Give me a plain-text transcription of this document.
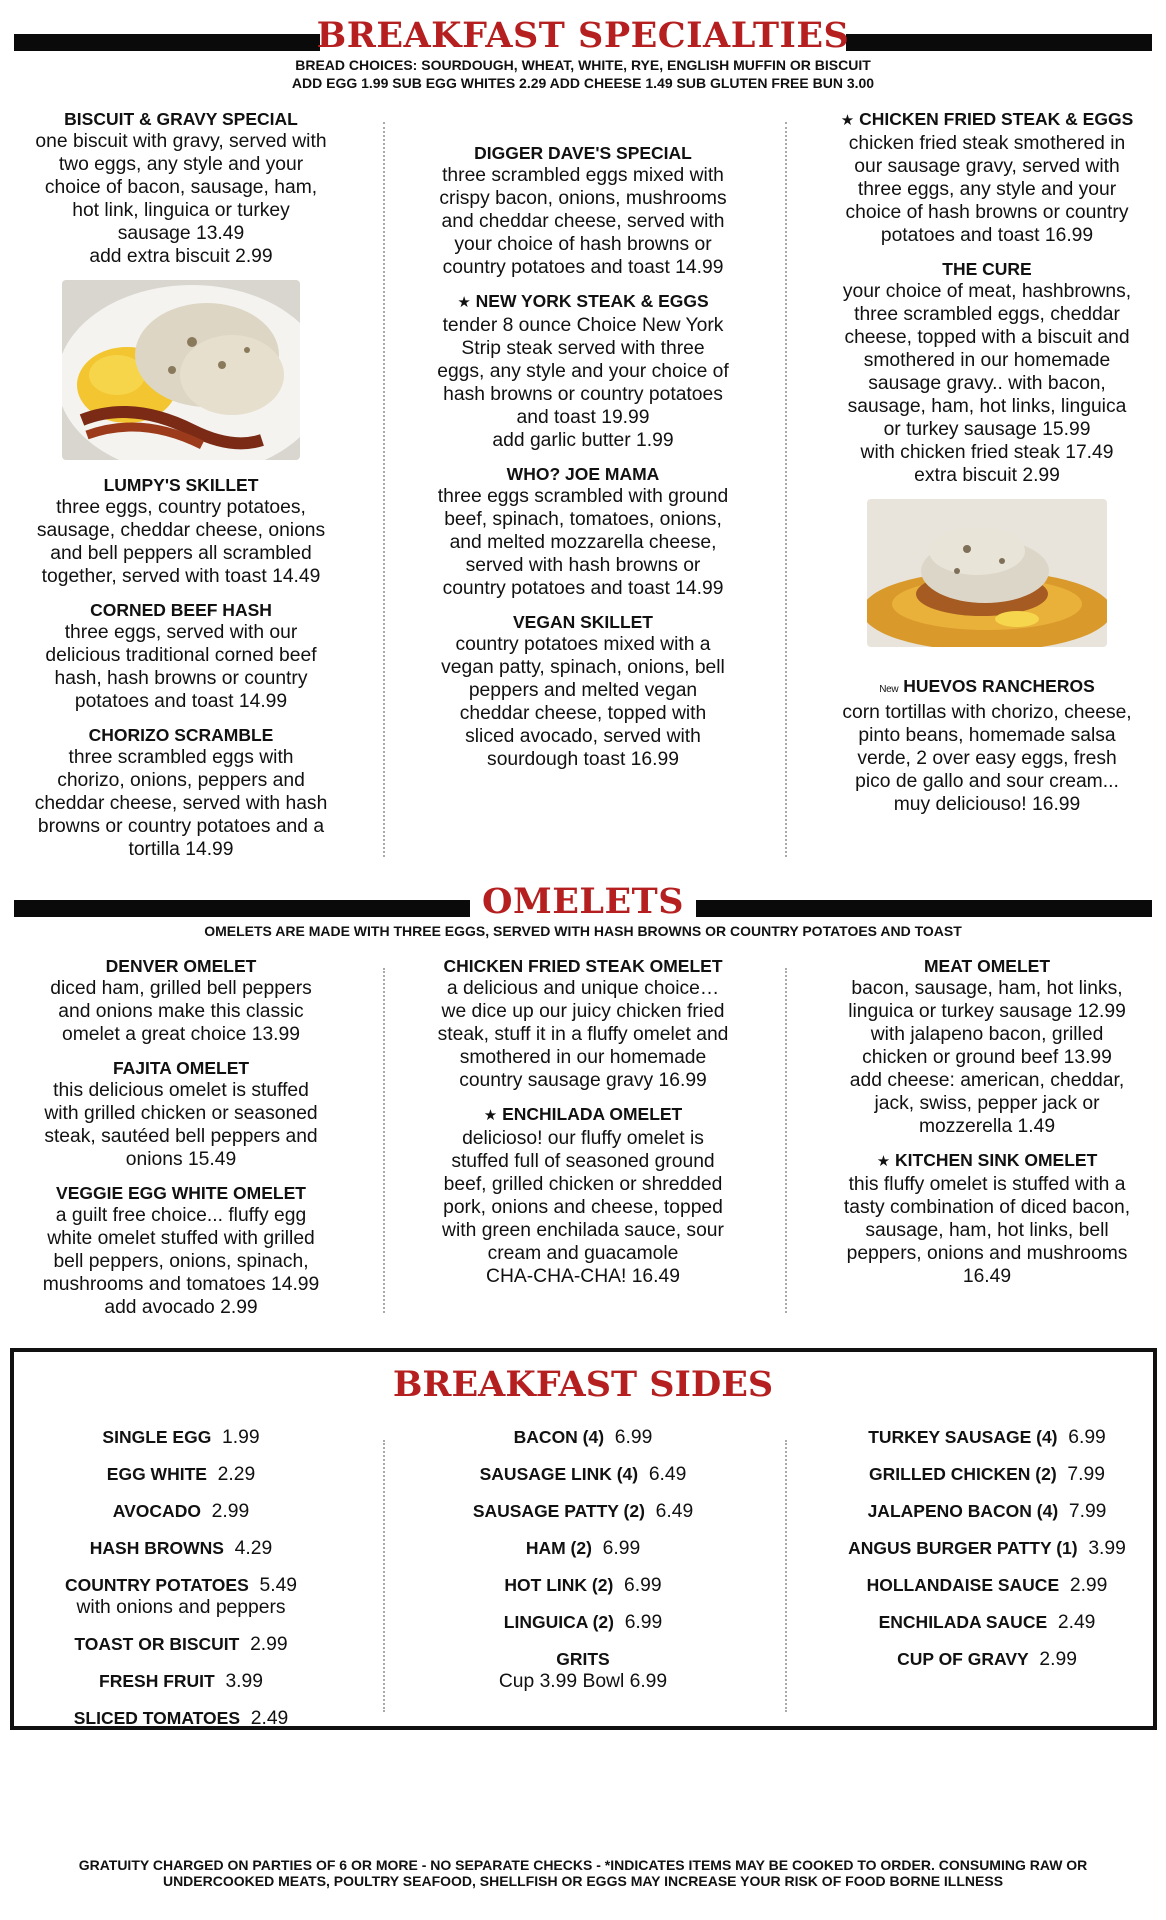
BREAKFAST SPECIALTIES
BREAD CHOICES: SOURDOUGH, WHEAT, WHITE, RYE, ENGLISH MUFFIN OR BISCUIT
ADD EGG 1.99 SUB EGG WHITES 2.29 ADD CHEESE 1.49 SUB GLUTEN FREE BUN 3.00
BISCUIT & GRAVY SPECIAL
one biscuit with gravy, served with
two eggs, any style and your
choice of bacon, sausage, ham,
hot link, linguica or turkey
sausage 13.49
add extra biscuit 2.99
LUMPY'S SKILLET
three eggs, country potatoes,
sausage, cheddar cheese, onions
and bell peppers all scrambled
together, served with toast 14.49
CORNED BEEF HASH
three eggs, served with our
delicious traditional corned beef
hash, hash browns or country
potatoes and toast 14.99
CHORIZO SCRAMBLE
three scrambled eggs with
chorizo, onions, peppers and
cheddar cheese, served with hash
browns or country potatoes and a
tortilla 14.99
DIGGER DAVE'S SPECIAL
three scrambled eggs mixed with
crispy bacon, onions, mushrooms
and cheddar cheese, served with
your choice of hash browns or
country potatoes and toast 14.99
★ NEW YORK STEAK & EGGS
tender 8 ounce Choice New York
Strip steak served with three
eggs, any style and your choice of
hash browns or country potatoes
and toast 19.99
add garlic butter 1.99
WHO? JOE MAMA
three eggs scrambled with ground
beef, spinach, tomatoes, onions,
and melted mozzarella cheese,
served with hash browns or
country potatoes and toast 14.99
VEGAN SKILLET
country potatoes mixed with a
vegan patty, spinach, onions, bell
peppers and melted vegan
cheddar cheese, topped with
sliced avocado, served with
sourdough toast 16.99
★ CHICKEN FRIED STEAK & EGGS
chicken fried steak smothered in
our sausage gravy, served with
three eggs, any style and your
choice of hash browns or country
potatoes and toast 16.99
THE CURE
your choice of meat, hashbrowns,
three scrambled eggs, cheddar
cheese, topped with a biscuit and
smothered in our homemade
sausage gravy.. with bacon,
sausage, ham, hot links, linguica
or turkey sausage 15.99
with chicken fried steak 17.49
extra biscuit 2.99
New HUEVOS RANCHEROS
corn tortillas with chorizo, cheese,
pinto beans, homemade salsa
verde, 2 over easy eggs, fresh
pico de gallo and sour cream...
muy deliciouso! 16.99
OMELETS
OMELETS ARE MADE WITH THREE EGGS, SERVED WITH HASH BROWNS OR COUNTRY POTATOES AND TOAST
DENVER OMELET
diced ham, grilled bell peppers
and onions make this classic
omelet a great choice 13.99
FAJITA OMELET
this delicious omelet is stuffed
with grilled chicken or seasoned
steak, sautéed bell peppers and
onions 15.49
VEGGIE EGG WHITE OMELET
a guilt free choice... fluffy egg
white omelet stuffed with grilled
bell peppers, onions, spinach,
mushrooms and tomatoes 14.99
add avocado 2.99
CHICKEN FRIED STEAK OMELET
a delicious and unique choice…
we dice up our juicy chicken fried
steak, stuff it in a fluffy omelet and
smothered in our homemade
country sausage gravy 16.99
★ ENCHILADA OMELET
delicioso! our fluffy omelet is
stuffed full of seasoned ground
beef, grilled chicken or shredded
pork, onions and cheese, topped
with green enchilada sauce, sour
cream and guacamole
CHA-CHA-CHA! 16.49
MEAT OMELET
bacon, sausage, ham, hot links,
linguica or turkey sausage 12.99
with jalapeno bacon, grilled
chicken or ground beef 13.99
add cheese: american, cheddar,
jack, swiss, pepper jack or
mozzerella 1.49
★ KITCHEN SINK OMELET
this fluffy omelet is stuffed with a
tasty combination of diced bacon,
sausage, ham, hot links, bell
peppers, onions and mushrooms
16.49
BREAKFAST SIDES
SINGLE EGG 1.99
EGG WHITE 2.29
AVOCADO 2.99
HASH BROWNS 4.29
COUNTRY POTATOES 5.49
with onions and peppers
TOAST OR BISCUIT 2.99
FRESH FRUIT 3.99
SLICED TOMATOES 2.49
BACON (4) 6.99
SAUSAGE LINK (4) 6.49
SAUSAGE PATTY (2) 6.49
HAM (2) 6.99
HOT LINK (2) 6.99
LINGUICA (2) 6.99
GRITS
Cup 3.99 Bowl 6.99
TURKEY SAUSAGE (4) 6.99
GRILLED CHICKEN (2) 7.99
JALAPENO BACON (4) 7.99
ANGUS BURGER PATTY (1) 3.99
HOLLANDAISE SAUCE 2.99
ENCHILADA SAUCE 2.49
CUP OF GRAVY 2.99
GRATUITY CHARGED ON PARTIES OF 6 OR MORE - NO SEPARATE CHECKS - *INDICATES ITEMS MAY BE COOKED TO ORDER. CONSUMING RAW OR
UNDERCOOKED MEATS, POULTRY SEAFOOD, SHELLFISH OR EGGS MAY INCREASE YOUR RISK OF FOOD BORNE ILLNESS
